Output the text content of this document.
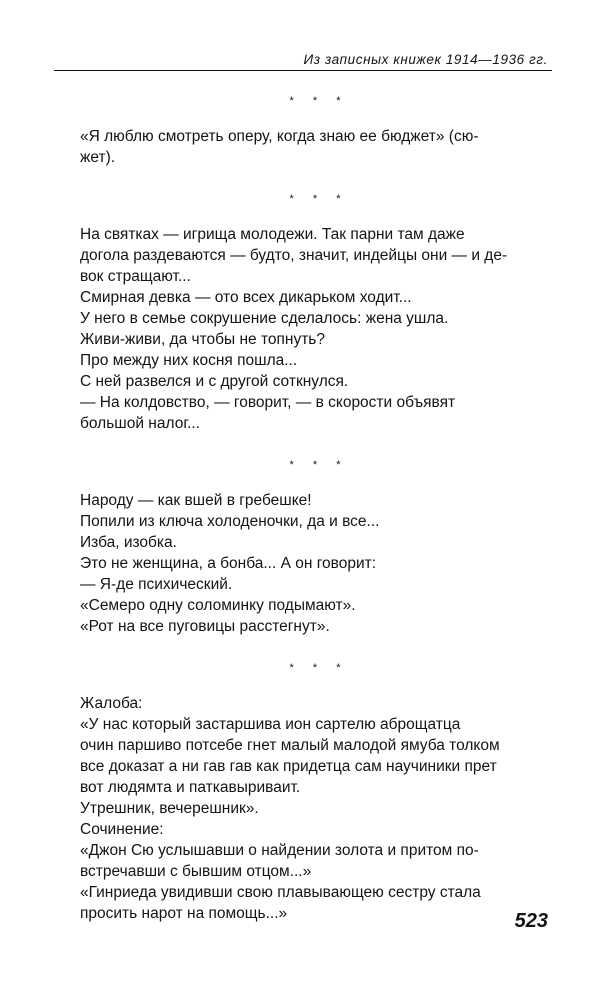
Из записных книжек 1914—1936 гг.
* * *
«Я люблю смотреть оперу, когда знаю ее бюджет» (сю-
жет).
* * *
На святках — игрища молодежи. Так парни там даже
догола раздеваются — будто, значит, индейцы они — и де-
вок стращают...
Смирная девка — ото всех дикарьком ходит...
У него в семье сокрушение сделалось: жена ушла.
Живи-живи, да чтобы не топнуть?
Про между них косня пошла...
С ней развелся и с другой соткнулся.
— На колдовство, — говорит, — в скорости объявят
большой налог...
* * *
Народу — как вшей в гребешке!
Попили из ключа холоденочки, да и все...
Изба, изобка.
Это не женщина, а бонба... А он говорит:
— Я-де психический.
«Семеро одну соломинку подымают».
«Рот на все пуговицы расстегнут».
* * *
Жалоба:
«У нас который застаршива ион сартелю аброщатца
очин паршиво потсебе гнет малый малодой ямуба толком
все доказат а ни гав гав как придетца сам научиники прет
вот людямта и паткавыриваит.
Утрешник, вечерешник».
Сочинение:
«Джон Сю услышавши о найдении золота и притом по-
встречавши с бывшим отцом...»
«Гинриеда увидивши свою плавывающею сестру стала
просить нарот на помощь...»	523
